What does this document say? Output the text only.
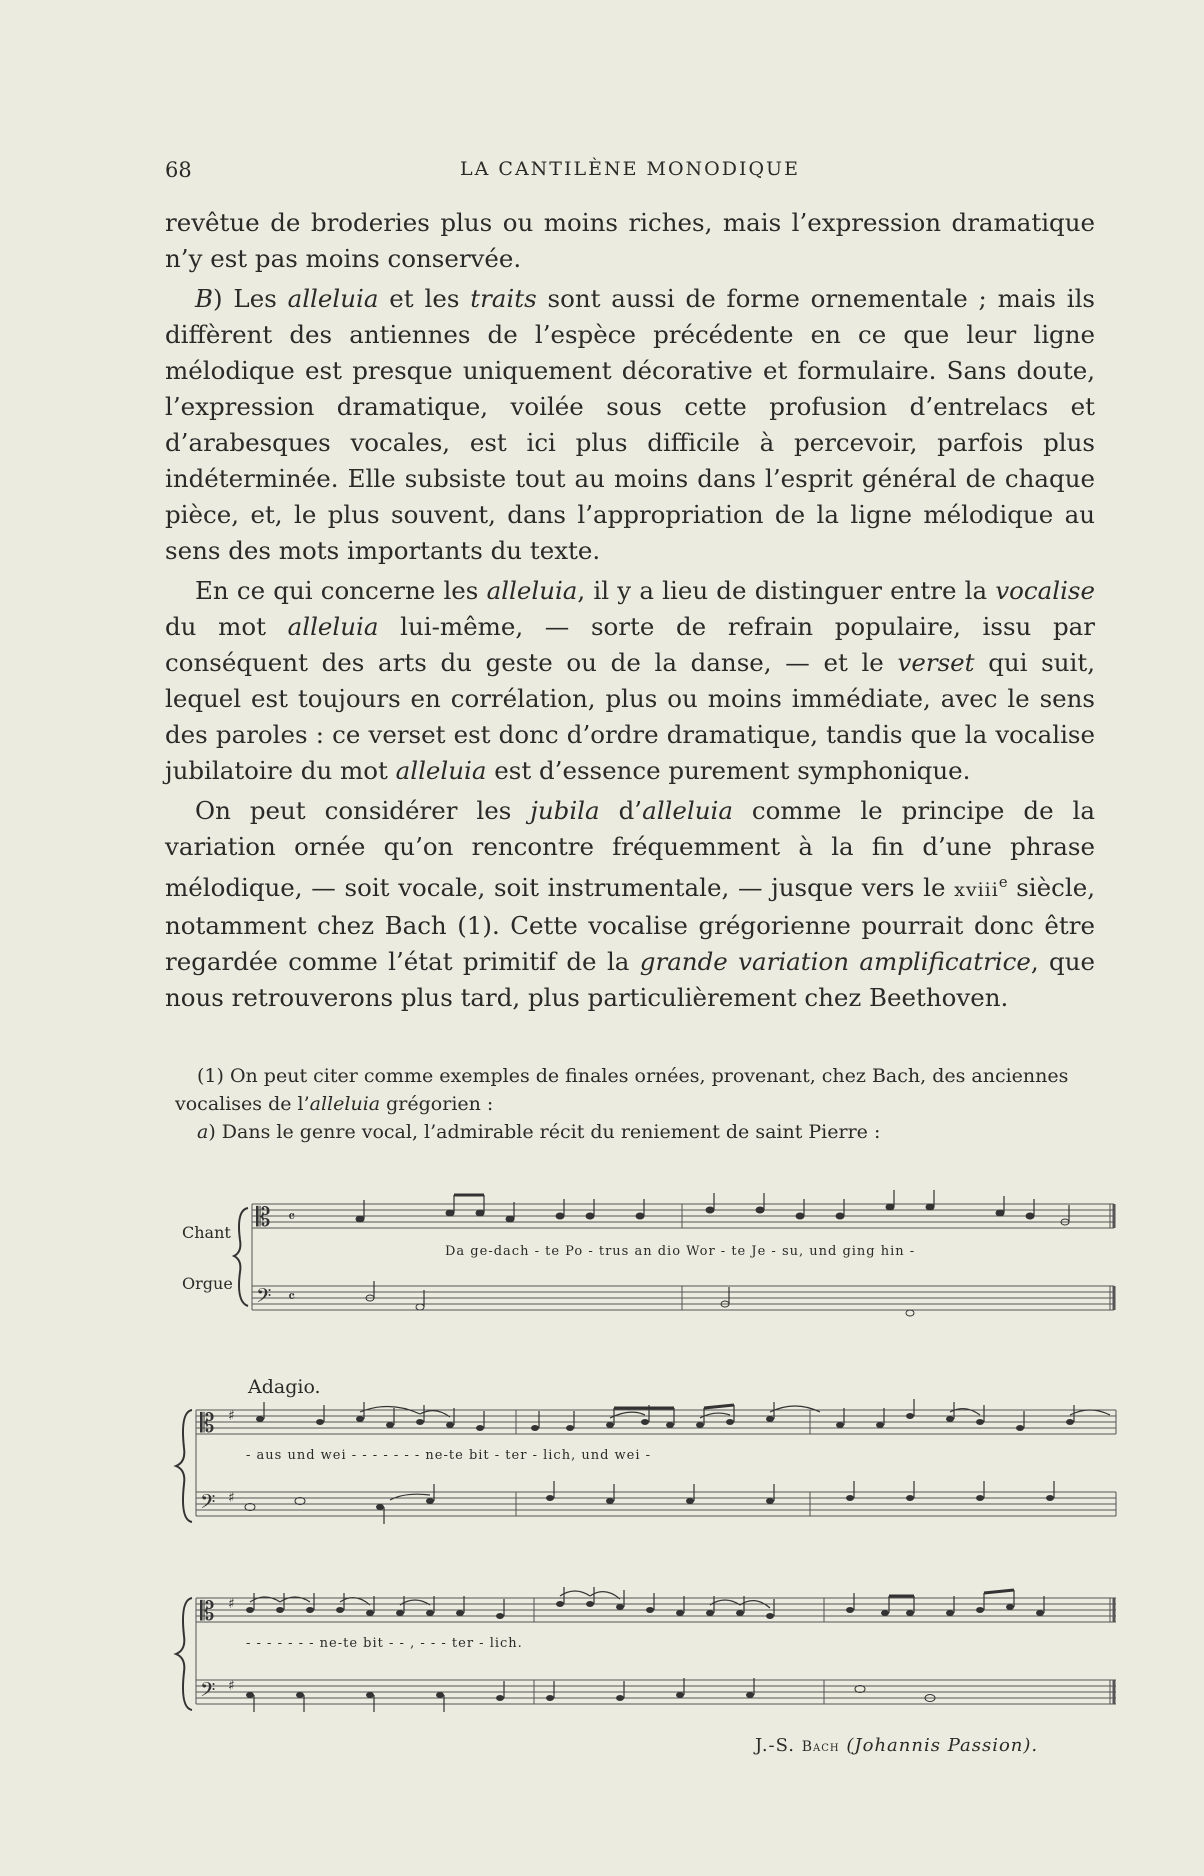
68	LA CANTILÈNE MONODIQUE

revêtue de broderies plus ou moins riches, mais l’expression dramatique n’y est pas moins conservée.

B) Les alleluia et les traits sont aussi de forme ornementale ; mais ils diffèrent des antiennes de l’espèce précédente en ce que leur ligne mélodique est presque uniquement décorative et formulaire. Sans doute, l’expression dramatique, voilée sous cette profusion d’entrelacs et d’arabesques vocales, est ici plus difficile à percevoir, parfois plus indéterminée. Elle subsiste tout au moins dans l’esprit général de chaque pièce, et, le plus souvent, dans l’appropriation de la ligne mélodique au sens des mots importants du texte.

En ce qui concerne les alleluia, il y a lieu de distinguer entre la vocalise du mot alleluia lui-même, — sorte de refrain populaire, issu par conséquent des arts du geste ou de la danse, — et le verset qui suit, lequel est toujours en corrélation, plus ou moins immédiate, avec le sens des paroles : ce verset est donc d’ordre dramatique, tandis que la vocalise jubilatoire du mot alleluia est d’essence purement symphonique.

On peut considérer les jubila d’alleluia comme le principe de la variation ornée qu’on rencontre fréquemment à la fin d’une phrase mélodique, — soit vocale, soit instrumentale, — jusque vers le xviii$^e$ siècle, notamment chez Bach (1). Cette vocalise grégorienne pourrait donc être regardée comme l’état primitif de la grande variation amplificatrice, que nous retrouverons plus tard, plus particulièrement chez Beethoven.

(1) On peut citer comme exemples de finales ornées, provenant, chez Bach, des anciennes vocalises de l’alleluia grégorien :

a) Dans le genre vocal, l’admirable récit du reniement de saint Pierre :

Chant
Orgue
𝄡
𝄢
𝄴
𝄴
Da ge-dach - te Po - trus an dio Wor - te Je - su, und ging hin -
Adagio.
𝄡
𝄢
♯
♯
- aus und wei - - - - - - - ne-te bit - ter - lich, und wei -
𝄡
𝄢
♯
♯
- - - - - - - ne-te bit - - , - - - ter - lich.
J.-S. Bach (Johannis Passion).
